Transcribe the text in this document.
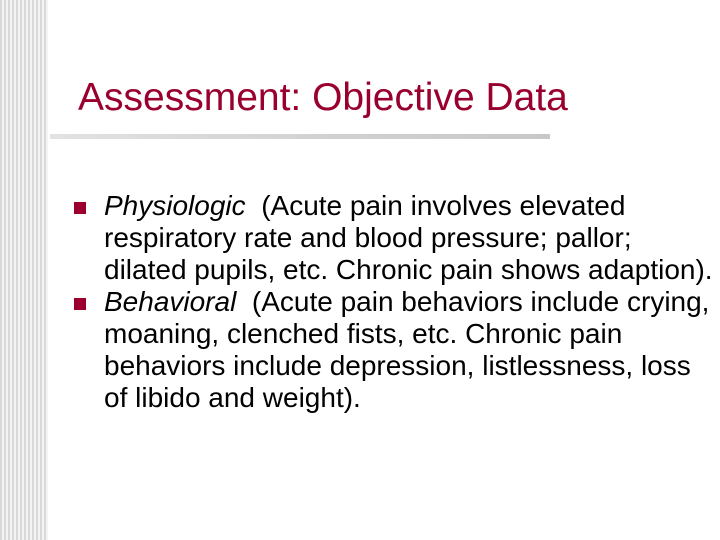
Assessment: Objective Data
Physiologic (Acute pain involves elevated respiratory rate and blood pressure; pallor; dilated pupils, etc. Chronic pain shows adaption).
Behavioral (Acute pain behaviors include crying, moaning, clenched fists, etc. Chronic pain behaviors include depression, listlessness, loss of libido and weight).
